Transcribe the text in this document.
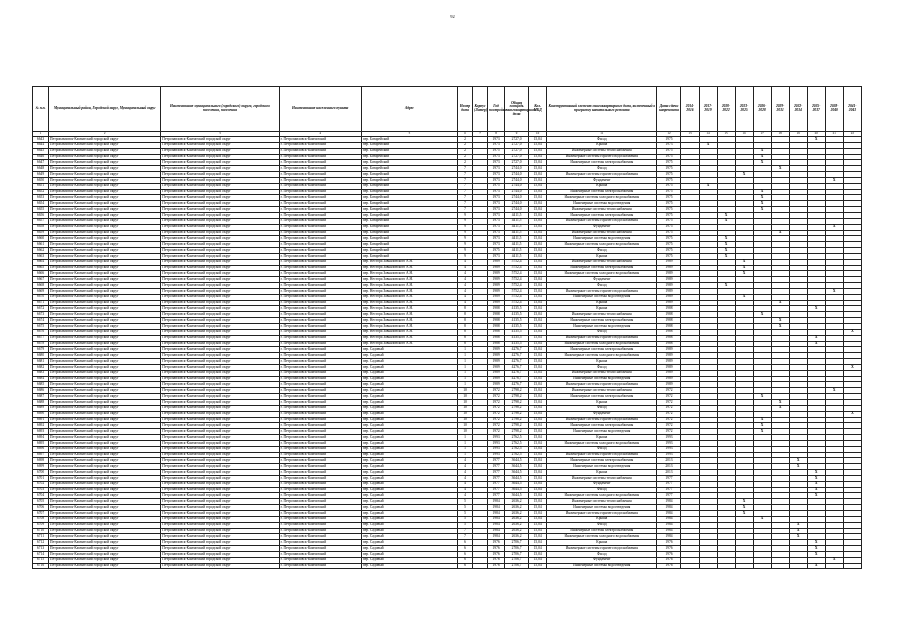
92
№ п.п.	Муниципальный район, Городской округ, Муниципальный округ	Наименование муниципального (городского) округа, городского поселения, поселения	Наименование населенного пункта	Адрес	Номер дома	Корпус (Литер)	Год постройки	Общая площадь многоквартирного дома	Кол. МКД	Конструктивный элемент многоквартирного дома, включенный в программу капитального ремонта	Дата сдачи капремонта	2014-2016	2017-2019	2020-2022	2023-2025	2026-2028	2029-2031	2032-2034	2035-2037	2038-2040	2041-2043
1	2	3	4	5	6	7	8	9	10	11	12	13	14	15	16	17	18	19	20	21	22
6643	Петропавловск-Камчатский городской округ	Петропавловск-Камчатский городской округ	г. Петропавловск-Камчатский	пер. Батарейский	2		1973	2727,0	15,04	Фасад	1975								X		
6644	Петропавловск-Камчатский городской округ	Петропавловск-Камчатский городской округ	г. Петропавловск-Камчатский	пер. Батарейский	2		1973	2727,0	15,04	Крыша	1973		X								
6645	Петропавловск-Камчатский городской округ	Петропавловск-Камчатский городской округ	г. Петропавловск-Камчатский	пер. Батарейский	2		1975	2727,0	15,04	Инженерные системы теплоснабжения	1975					X					
6646	Петропавловск-Камчатский городской округ	Петропавловск-Камчатский городской округ	г. Петропавловск-Камчатский	пер. Батарейский	2		1973	2727,0	15,04	Инженерные системы горячего водоснабжения	1975					X					
6647	Петропавловск-Камчатский городской округ	Петропавловск-Камчатский городской округ	г. Петропавловск-Камчатский	пер. Батарейский	2		1973	2727,0	15,04	Инженерные системы электроснабжения	1975					X					
6648	Петропавловск-Камчатский городской округ	Петропавловск-Камчатский городской округ	г. Петропавловск-Камчатский	пер. Батарейский	7		1973	2744,0	15,04	Фасад	1975						X				
6649	Петропавловск-Камчатский городской округ	Петропавловск-Камчатский городской округ	г. Петропавловск-Камчатский	пер. Батарейский	7		1973	2744,0	15,04	Инженерные системы горячего водоснабжения	1975				X						
6650	Петропавловск-Камчатский городской округ	Петропавловск-Камчатский городской округ	г. Петропавловск-Камчатский	пер. Батарейский	7		1973	2744,0	15,04	Фундамент	1975									X	
6651	Петропавловск-Камчатский городской округ	Петропавловск-Камчатский городской округ	г. Петропавловск-Камчатский	пер. Батарейский	7		1975	2744,0	15,04	Крыша	1975		X								
6652	Петропавловск-Камчатский городской округ	Петропавловск-Камчатский городской округ	г. Петропавловск-Камчатский	пер. Батарейский	7		1973	2744,0	15,04	Инженерные системы электроснабжения	1975					X					
6653	Петропавловск-Камчатский городской округ	Петропавловск-Камчатский городской округ	г. Петропавловск-Камчатский	пер. Батарейский	7		1973	2744,0	15,04	Инженерные системы холодного водоснабжения	1975					X					
6654	Петропавловск-Камчатский городской округ	Петропавловск-Камчатский городской округ	г. Петропавловск-Камчатский	пер. Батарейский	7		1973	2744,0	15,04	Инженерные системы водоотведения	1975					X					
6655	Петропавловск-Камчатский городской округ	Петропавловск-Камчатский городской округ	г. Петропавловск-Камчатский	пер. Батарейский	7		1973	2744,0	15,04	Инженерные системы теплоснабжения	1975					X					
6656	Петропавловск-Камчатский городской округ	Петропавловск-Камчатский городской округ	г. Петропавловск-Камчатский	пер. Батарейский	9		1973	4411,5	15,04	Инженерные системы электроснабжения	1975			X							
6657	Петропавловск-Камчатский городской округ	Петропавловск-Камчатский городской округ	г. Петропавловск-Камчатский	пер. Батарейский	9		1973	4411,5	15,04	Инженерные системы горячего водоснабжения	1975			X							
6658	Петропавловск-Камчатский городской округ	Петропавловск-Камчатский городской округ	г. Петропавловск-Камчатский	пер. Батарейский	9		1973	4411,5	15,04	Фундамент	1975									X	
6659	Петропавловск-Камчатский городской округ	Петропавловск-Камчатский городской округ	г. Петропавловск-Камчатский	пер. Батарейский	9		1973	4411,5	15,04	Инженерные системы теплоснабжения	1975						X				
6660	Петропавловск-Камчатский городской округ	Петропавловск-Камчатский городской округ	г. Петропавловск-Камчатский	пер. Батарейский	9		1973	4411,5	15,04	Инженерные системы водоотведения	1975			X							
6661	Петропавловск-Камчатский городской округ	Петропавловск-Камчатский городской округ	г. Петропавловск-Камчатский	пер. Батарейский	9		1973	4411,5	15,04	Инженерные системы холодного водоснабжения	1975			X							
6662	Петропавловск-Камчатский городской округ	Петропавловск-Камчатский городской округ	г. Петропавловск-Камчатский	пер. Батарейский	9		1975	4411,5	15,04	Фасад	1975			X							
6663	Петропавловск-Камчатский городской округ	Петропавловск-Камчатский городской округ	г. Петропавловск-Камчатский	пер. Батарейский	9		1973	4411,5	15,04	Крыша	1975			X							
6664	Петропавловск-Камчатский городской округ	Петропавловск-Камчатский городской округ	г. Петропавловск-Камчатский	пер. Нестора Завьяловского А.Н.	4		1989	5752,4	15,04	Инженерные системы теплоснабжения	1989				X						
6665	Петропавловск-Камчатский городской округ	Петропавловск-Камчатский городской округ	г. Петропавловск-Камчатский	пер. Нестора Завьяловского А.Н.	4		1989	5752,4	15,04	Инженерные системы электроснабжения	1989				X						
6666	Петропавловск-Камчатский городской округ	Петропавловск-Камчатский городской округ	г. Петропавловск-Камчатский	пер. Нестора Завьяловского А.Н.	4		1989	5752,4	15,04	Инженерные системы холодного водоснабжения	1989				X						
6667	Петропавловск-Камчатский городской округ	Петропавловск-Камчатский городской округ	г. Петропавловск-Камчатский	пер. Нестора Завьяловского А.Н.	4		1989	5752,4	15,04	Фундамент	1989										
6668	Петропавловск-Камчатский городской округ	Петропавловск-Камчатский городской округ	г. Петропавловск-Камчатский	пер. Нестора Завьяловского А.Н.	4		1989	5752,4	15,04	Фасад	1989			X							
6669	Петропавловск-Камчатский городской округ	Петропавловск-Камчатский городской округ	г. Петропавловск-Камчатский	пер. Нестора Завьяловского А.Н.	4		1989	5752,4	15,04	Инженерные системы горячего водоснабжения	1989									X	
6670	Петропавловск-Камчатский городской округ	Петропавловск-Камчатский городской округ	г. Петропавловск-Камчатский	пер. Нестора Завьяловского А.Н.	4		1989	5752,4	15,04	Инженерные системы водоотведения	1989				X						
6671	Петропавловск-Камчатский городской округ	Петропавловск-Камчатский городской округ	г. Петропавловск-Камчатский	пер. Нестора Завьяловского А.Н.	4		1989	5752,4	15,04	Крыша	1989						X				
6672	Петропавловск-Камчатский городской округ	Петропавловск-Камчатский городской округ	г. Петропавловск-Камчатский	пер. Нестора Завьяловского А.Н.	8		1988	4135,5	15,04	Крыша	1988								X		
6673	Петропавловск-Камчатский городской округ	Петропавловск-Камчатский городской округ	г. Петропавловск-Камчатский	пер. Нестора Завьяловского А.Н.	8		1988	4135,5	15,04	Инженерные системы теплоснабжения	1988					X					
6674	Петропавловск-Камчатский городской округ	Петропавловск-Камчатский городской округ	г. Петропавловск-Камчатский	пер. Нестора Завьяловского А.Н.	8		1988	4135,5	15,04	Инженерные системы электроснабжения	1988						X				
6675	Петропавловск-Камчатский городской округ	Петропавловск-Камчатский городской округ	г. Петропавловск-Камчатский	пер. Нестора Завьяловского А.Н.	8		1988	4135,5	15,04	Инженерные системы водоотведения	1988						X				
6676	Петропавловск-Камчатский городской округ	Петропавловск-Камчатский городской округ	г. Петропавловск-Камчатский	пер. Нестора Завьяловского А.Н.	8		1988	4135,5	15,04	Фасад	1988										X
6677	Петропавловск-Камчатский городской округ	Петропавловск-Камчатский городской округ	г. Петропавловск-Камчатский	пер. Нестора Завьяловского А.Н.	8		1988	4135,5	15,04	Инженерные системы горячего водоснабжения	1988								X		
6678	Петропавловск-Камчатский городской округ	Петропавловск-Камчатский городской округ	г. Петропавловск-Камчатский	пер. Нестора Завьяловского А.Н.	8		1988	4135,5	15,04	Инженерные системы холодного водоснабжения	1988								X		
6679	Петропавловск-Камчатский городской округ	Петропавловск-Камчатский городской округ	г. Петропавловск-Камчатский	пер. Садовый	1		1989	4276,7	15,04	Инженерные системы электроснабжения	1989										
6680	Петропавловск-Камчатский городской округ	Петропавловск-Камчатский городской округ	г. Петропавловск-Камчатский	пер. Садовый	1		1989	4276,7	15,04	Инженерные системы холодного водоснабжения	1989										
6681	Петропавловск-Камчатский городской округ	Петропавловск-Камчатский городской округ	г. Петропавловск-Камчатский	пер. Садовый	1		1989	4276,7	15,04	Крыша	1989										
6682	Петропавловск-Камчатский городской округ	Петропавловск-Камчатский городской округ	г. Петропавловск-Камчатский	пер. Садовый	1		1989	4276,7	15,04	Фасад	1989										X
6683	Петропавловск-Камчатский городской округ	Петропавловск-Камчатский городской округ	г. Петропавловск-Камчатский	пер. Садовый	1		1989	4276,7	15,04	Инженерные системы теплоснабжения	1989										
6684	Петропавловск-Камчатский городской округ	Петропавловск-Камчатский городской округ	г. Петропавловск-Камчатский	пер. Садовый	1		1989	4276,7	15,04	Инженерные системы водоотведения	1989										
6685	Петропавловск-Камчатский городской округ	Петропавловск-Камчатский городской округ	г. Петропавловск-Камчатский	пер. Садовый	1		1989	4276,7	15,04	Инженерные системы горячего водоснабжения	1989										
6686	Петропавловск-Камчатский городской округ	Петропавловск-Камчатский городской округ	г. Петропавловск-Камчатский	пер. Садовый	10		1972	2798,2	15,04	Инженерные системы теплоснабжения	1972									X	
6687	Петропавловск-Камчатский городской округ	Петропавловск-Камчатский городской округ	г. Петропавловск-Камчатский	пер. Садовый	10		1972	2798,2	15,04	Инженерные системы электроснабжения	1972					X					
6688	Петропавловск-Камчатский городской округ	Петропавловск-Камчатский городской округ	г. Петропавловск-Камчатский	пер. Садовый	10		1972	2798,2	15,04	Крыша	1972						X				
6689	Петропавловск-Камчатский городской округ	Петропавловск-Камчатский городской округ	г. Петропавловск-Камчатский	пер. Садовый	10		1972	2798,2	15,04	Фасад	1972						X				
6690	Петропавловск-Камчатский городской округ	Петропавловск-Камчатский городской округ	г. Петропавловск-Камчатский	пер. Садовый	10		1972	2798,2	15,04	Фундамент	1972										X
6691	Петропавловск-Камчатский городской округ	Петропавловск-Камчатский городской округ	г. Петропавловск-Камчатский	пер. Садовый	10		1972	2798,2	15,04	Инженерные системы горячего водоснабжения	1972					X					
6692	Петропавловск-Камчатский городской округ	Петропавловск-Камчатский городской округ	г. Петропавловск-Камчатский	пер. Садовый	10		1972	2798,2	15,04	Инженерные системы электроснабжения	1972					X					
6693	Петропавловск-Камчатский городской округ	Петропавловск-Камчатский городской округ	г. Петропавловск-Камчатский	пер. Садовый	10		1972	2798,2	15,04	Инженерные системы водоотведения	1972					X					
6694	Петропавловск-Камчатский городской округ	Петропавловск-Камчатский городской округ	г. Петропавловск-Камчатский	пер. Садовый	1		1993	2762,5	15,04	Крыша	1993										
6695	Петропавловск-Камчатский городской округ	Петропавловск-Камчатский городской округ	г. Петропавловск-Камчатский	пер. Садовый	1		1993	2762,5	15,04	Инженерные системы холодного водоснабжения	1993										
6696	Петропавловск-Камчатский городской округ	Петропавловск-Камчатский городской округ	г. Петропавловск-Камчатский	пер. Садовый	1		1993	2762,5	15,04	Фасад	1993										
6697	Петропавловск-Камчатский городской округ	Петропавловск-Камчатский городской округ	г. Петропавловск-Камчатский	пер. Садовый	1		1993	2762,5	15,04	Инженерные системы горячего водоснабжения	1993										
6698	Петропавловск-Камчатский городской округ	Петропавловск-Камчатский городской округ	г. Петропавловск-Камчатский	пер. Садовый	4		1977	3644,5	15,04	Инженерные системы электроснабжения	2013							X			
6699	Петропавловск-Камчатский городской округ	Петропавловск-Камчатский городской округ	г. Петропавловск-Камчатский	пер. Садовый	4		1977	3644,5	15,04	Инженерные системы водоотведения	2013							X			
6700	Петропавловск-Камчатский городской округ	Петропавловск-Камчатский городской округ	г. Петропавловск-Камчатский	пер. Садовый	4		1977	3644,5	15,04	Крыша	2013								X		
6701	Петропавловск-Камчатский городской округ	Петропавловск-Камчатский городской округ	г. Петропавловск-Камчатский	пер. Садовый	4		1977	3644,5	15,04	Инженерные системы теплоснабжения	1977								X		
6702	Петропавловск-Камчатский городской округ	Петропавловск-Камчатский городской округ	г. Петропавловск-Камчатский	пер. Садовый	4		1977	3644,5	15,04	Фундамент	1977								X		
6703	Петропавловск-Камчатский городской округ	Петропавловск-Камчатский городской округ	г. Петропавловск-Камчатский	пер. Садовый	4		1977	3644,5	15,04	Фасад	1977								X		
6704	Петропавловск-Камчатский городской округ	Петропавловск-Камчатский городской округ	г. Петропавловск-Камчатский	пер. Садовый	4		1977	3644,5	15,04	Инженерные системы холодного водоснабжения	1977								X		
6705	Петропавловск-Камчатский городской округ	Петропавловск-Камчатский городской округ	г. Петропавловск-Камчатский	пер. Садовый	5		1984	2636,2	15,04	Инженерные системы теплоснабжения	1984				X						
6706	Петропавловск-Камчатский городской округ	Петропавловск-Камчатский городской округ	г. Петропавловск-Камчатский	пер. Садовый	5		1984	2636,2	15,04	Инженерные системы водоотведения	1984				X						
6707	Петропавловск-Камчатский городской округ	Петропавловск-Камчатский городской округ	г. Петропавловск-Камчатский	пер. Садовый	5		1984	2636,2	15,04	Инженерные системы горячего водоснабжения	1984				X						
6708	Петропавловск-Камчатский городской округ	Петропавловск-Камчатский городской округ	г. Петропавловск-Камчатский	пер. Садовый	5		1984	2636,2	15,04	Крыша	1984					X					
6709	Петропавловск-Камчатский городской округ	Петропавловск-Камчатский городской округ	г. Петропавловск-Камчатский	пер. Садовый	5		1984	2636,2	15,04	Фасад	1984							X			
6710	Петропавловск-Камчатский городской округ	Петропавловск-Камчатский городской округ	г. Петропавловск-Камчатский	пер. Садовый	7		1984	2636,2	15,04	Инженерные системы электроснабжения	1984							X			
6711	Петропавловск-Камчатский городской округ	Петропавловск-Камчатский городской округ	г. Петропавловск-Камчатский	пер. Садовый	7		1984	2636,2	15,04	Инженерные системы холодного водоснабжения	1984							X			
6712	Петропавловск-Камчатский городской округ	Петропавловск-Камчатский городской округ	г. Петропавловск-Камчатский	пер. Садовый	6		1976	2706,7	15,04	Крыша	1976								X		
6713	Петропавловск-Камчатский городской округ	Петропавловск-Камчатский городской округ	г. Петропавловск-Камчатский	пер. Садовый	6		1976	2706,7	15,04	Инженерные системы горячего водоснабжения	1976								X		
6714	Петропавловск-Камчатский городской округ	Петропавловск-Камчатский городской округ	г. Петропавловск-Камчатский	пер. Садовый	6		1976	2706,7	15,04	Фасад	1976								X		
6715	Петропавловск-Камчатский городской округ	Петропавловск-Камчатский городской округ	г. Петропавловск-Камчатский	пер. Садовый	6		1976	2706,7	15,04	Фундамент	1976									X	
6716	Петропавловск-Камчатский городской округ	Петропавловск-Камчатский городской округ	г. Петропавловск-Камчатский	пер. Садовый	6		1976	2706,7	15,04	Инженерные системы водоотведения	1976								X		
